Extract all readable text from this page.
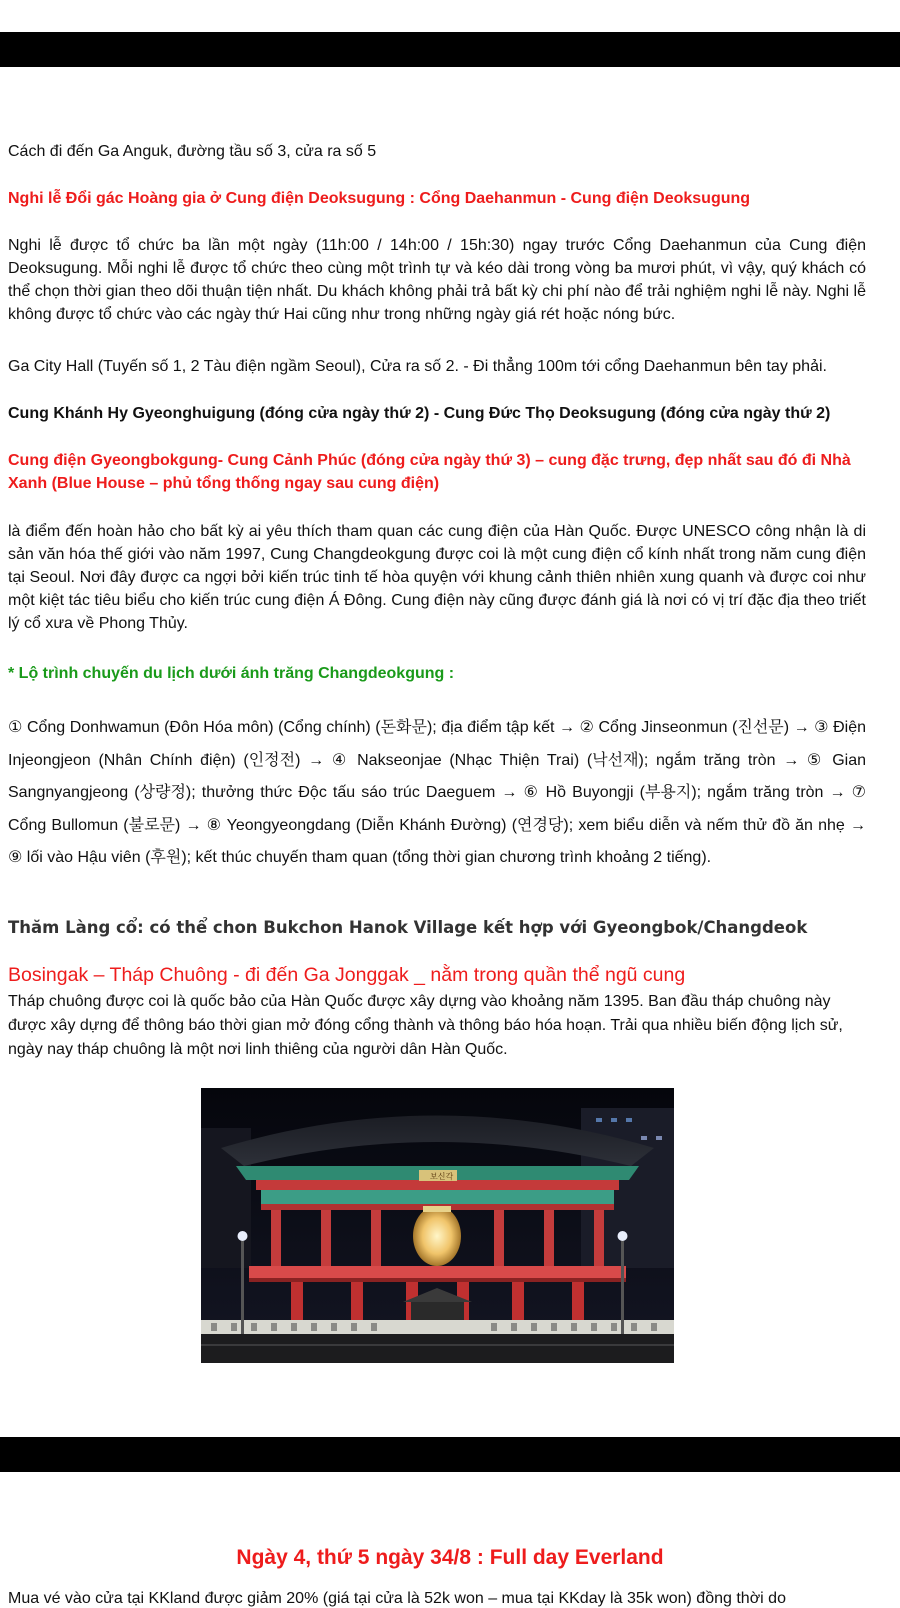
Cách đi đến Ga Anguk, đường tầu số 3, cửa ra số 5

Nghi lễ Đổi gác Hoàng gia ở Cung điện Deoksugung : Cổng Daehanmun - Cung điện Deoksugung

Nghi lễ được tổ chức ba lần một ngày (11h:00 / 14h:00 / 15h:30) ngay trước Cổng Daehanmun của Cung điện Deoksugung. Mỗi nghi lễ được tổ chức theo cùng một trình tự và kéo dài trong vòng ba mươi phút, vì vậy, quý khách có thể chọn thời gian theo dõi thuận tiện nhất. Du khách không phải trả bất kỳ chi phí nào để trải nghiệm nghi lễ này. Nghi lễ không được tổ chức vào các ngày thứ Hai cũng như trong những ngày giá rét hoặc nóng bức.

Ga City Hall (Tuyến số 1, 2 Tàu điện ngầm Seoul), Cửa ra số 2. - Đi thẳng 100m tới cổng Daehanmun bên tay phải.

Cung Khánh Hy Gyeonghuigung (đóng cửa ngày thứ 2) - Cung Đức Thọ Deoksugung (đóng cửa ngày thứ 2)

Cung điện Gyeongbokgung- Cung Cảnh Phúc (đóng cửa ngày thứ 3) – cung đặc trưng, đẹp nhất sau đó đi Nhà Xanh (Blue House – phủ tổng thống ngay sau cung điện)

là điểm đến hoàn hảo cho bất kỳ ai yêu thích tham quan các cung điện của Hàn Quốc. Được UNESCO công nhận là di sản văn hóa thế giới vào năm 1997, Cung Changdeokgung được coi là một cung điện cổ kính nhất trong năm cung điện tại Seoul. Nơi đây được ca ngợi bởi kiến trúc tinh tế hòa quyện với khung cảnh thiên nhiên xung quanh và được coi như một kiệt tác tiêu biểu cho kiến trúc cung điện Á Đông. Cung điện này cũng được đánh giá là nơi có vị trí đặc địa theo triết lý cổ xưa về Phong Thủy.

* Lộ trình chuyến du lịch dưới ánh trăng Changdeokgung :

① Cổng Donhwamun (Đôn Hóa môn) (Cổng chính) (돈화문); địa điểm tập kết → ② Cổng Jinseonmun (진선문) → ③ Điện Injeongjeon (Nhân Chính điện) (인정전) → ④ Nakseonjae (Nhạc Thiện Trai) (낙선재); ngắm trăng tròn → ⑤ Gian Sangnyangjeong (상량정); thưởng thức Độc tấu sáo trúc Daeguem → ⑥ Hồ Buyongji (부용지); ngắm trăng tròn → ⑦ Cổng Bullomun (불로문) → ⑧ Yeongyeongdang (Diễn Khánh Đường) (연경당); xem biểu diễn và nếm thử đồ ăn nhẹ → ⑨ lối vào Hậu viên (후원); kết thúc chuyến tham quan (tổng thời gian chương trình khoảng 2 tiếng).

Thăm Làng cổ: có thể chon Bukchon Hanok Village kết hợp với Gyeongbok/Changdeok

Bosingak – Tháp Chuông - đi đến Ga Jonggak _ nằm trong quần thể ngũ cung

Tháp chuông được coi là quốc bảo của Hàn Quốc được xây dựng vào khoảng năm 1395. Ban đầu tháp chuông này được xây dựng để thông báo thời gian mở đóng cổng thành và thông báo hóa hoạn. Trải qua nhiều biến động lịch sử, ngày nay tháp chuông là một nơi linh thiêng của người dân Hàn Quốc.

보신각
Ngày 4, thứ 5 ngày 34/8 : Full day Everland
Mua vé vào cửa tại KKland được giảm 20% (giá tại cửa là 52k won – mua tại KKday là 35k won) đồng thời do
